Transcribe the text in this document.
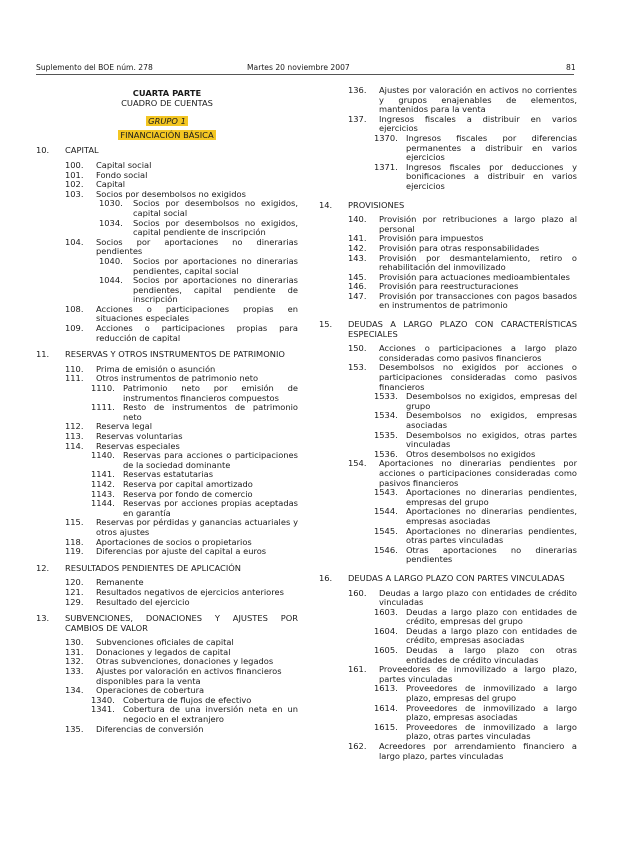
Suplemento del BOE núm. 278	Martes 20 noviembre 2007	81
CUARTA PARTE
CUADRO DE CUENTAS
GRUPO 1
FINANCIACIÓN BÁSICA
10.	CAPITAL
100.	Capital social
101.	Fondo social
102.	Capital
103.	Socios por desembolsos no exigidos
1030.	Socios por desembolsos no exigidos, capital social
1034.	Socios por desembolsos no exigidos, capital pendiente de inscripción
104.	Socios por aportaciones no dinerarias pendientes
1040.	Socios por aportaciones no dinerarias pendientes, capital social
1044.	Socios por aportaciones no dinerarias pendientes, capital pendiente de inscripción
108.	Acciones o participaciones propias en situaciones especiales
109.	Acciones o participaciones propias para reducción de capital
11.	RESERVAS Y OTROS INSTRUMENTOS DE PATRIMONIO
110.	Prima de emisión o asunción
111.	Otros instrumentos de patrimonio neto
1110. Patrimonio neto por emisión de instrumentos financieros compuestos
1111. Resto de instrumentos de patrimonio neto
112.	Reserva legal
113.	Reservas voluntarias
114.	Reservas especiales
1140. Reservas para acciones o participaciones de la sociedad dominante
1141. Reservas estatutarias
1142. Reserva por capital amortizado
1143. Reserva por fondo de comercio
1144. Reservas por acciones propias aceptadas en garantía
115.	Reservas por pérdidas y ganancias actuariales y otros ajustes
118.	Aportaciones de socios o propietarios
119.	Diferencias por ajuste del capital a euros
12.	RESULTADOS PENDIENTES DE APLICACIÓN
120.	Remanente
121.	Resultados negativos de ejercicios anteriores
129.	Resultado del ejercicio
13.	SUBVENCIONES, DONACIONES Y AJUSTES POR CAMBIOS DE VALOR
130.	Subvenciones oficiales de capital
131.	Donaciones y legados de capital
132.	Otras subvenciones, donaciones y legados
133.	Ajustes por valoración en activos financieros disponibles para la venta
134.	Operaciones de cobertura
1340. Cobertura de flujos de efectivo
1341. Cobertura de una inversión neta en un negocio en el extranjero
135.	Diferencias de conversión
136.	Ajustes por valoración en activos no corrientes y grupos enajenables de elementos, mantenidos para la venta
137.	Ingresos fiscales a distribuir en varios ejercicios
1370. Ingresos fiscales por diferencias permanentes a distribuir en varios ejercicios
1371. Ingresos fiscales por deducciones y bonificaciones a distribuir en varios ejercicios
14.	PROVISIONES
140.	Provisión por retribuciones a largo plazo al personal
141.	Provisión para impuestos
142.	Provisión para otras responsabilidades
143.	Provisión por desmantelamiento, retiro o rehabilitación del inmovilizado
145.	Provisión para actuaciones medioambientales
146.	Provisión para reestructuraciones
147.	Provisión por transacciones con pagos basados en instrumentos de patrimonio
15.	DEUDAS A LARGO PLAZO CON CARACTERÍSTICAS ESPECIALES
150.	Acciones o participaciones a largo plazo consideradas como pasivos financieros
153.	Desembolsos no exigidos por acciones o participaciones consideradas como pasivos financieros
1533. Desembolsos no exigidos, empresas del grupo
1534. Desembolsos no exigidos, empresas asociadas
1535. Desembolsos no exigidos, otras partes vinculadas
1536. Otros desembolsos no exigidos
154.	Aportaciones no dinerarias pendientes por acciones o participaciones consideradas como pasivos financieros
1543. Aportaciones no dinerarias pendientes, empresas del grupo
1544. Aportaciones no dinerarias pendientes, empresas asociadas
1545. Aportaciones no dinerarias pendientes, otras partes vinculadas
1546. Otras aportaciones no dinerarias pendientes
16.	DEUDAS A LARGO PLAZO CON PARTES VINCULADAS
160.	Deudas a largo plazo con entidades de crédito vinculadas
1603. Deudas a largo plazo con entidades de crédito, empresas del grupo
1604. Deudas a largo plazo con entidades de crédito, empresas asociadas
1605. Deudas a largo plazo con otras entidades de crédito vinculadas
161.	Proveedores de inmovilizado a largo plazo, partes vinculadas
1613. Proveedores de inmovilizado a largo plazo, empresas del grupo
1614. Proveedores de inmovilizado a largo plazo, empresas asociadas
1615. Proveedores de inmovilizado a largo plazo, otras partes vinculadas
162.	Acreedores por arrendamiento financiero a largo plazo, partes vinculadas
